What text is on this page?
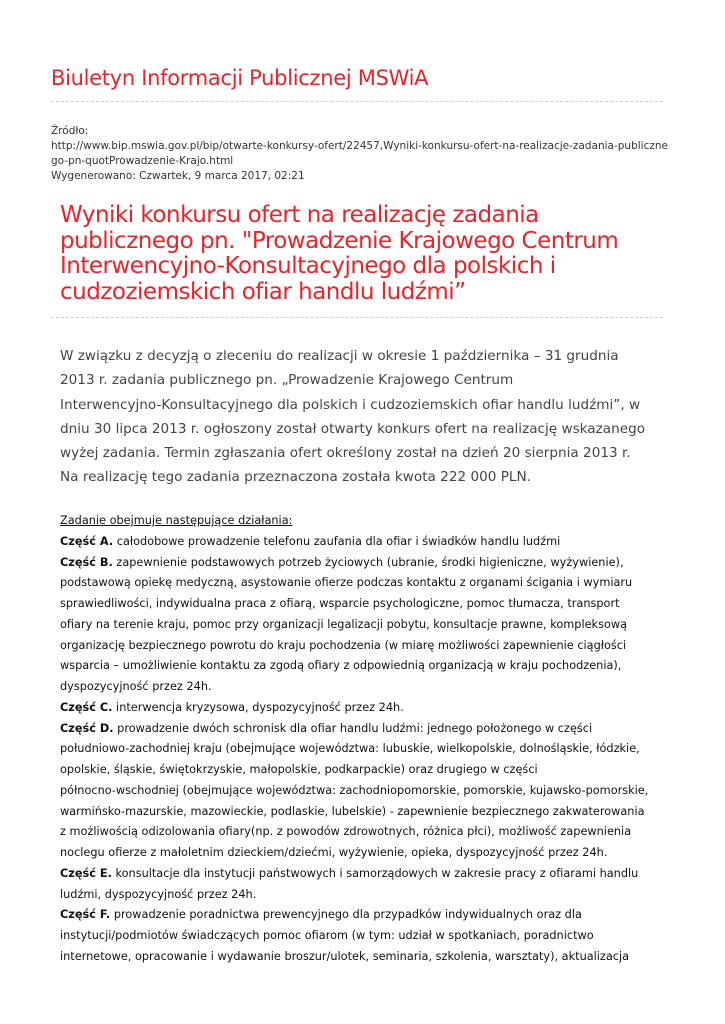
Biuletyn Informacji Publicznej MSWiA
Źródło:
http://www.bip.mswia.gov.pl/bip/otwarte-konkursy-ofert/22457,Wyniki-konkursu-ofert-na-realizacje-zadania-publiczne
go-pn-quotProwadzenie-Krajo.html
Wygenerowano: Czwartek, 9 marca 2017, 02:21
Wyniki konkursu ofert na realizację zadania
publicznego pn. "Prowadzenie Krajowego Centrum
Interwencyjno-Konsultacyjnego dla polskich i
cudzoziemskich ofiar handlu ludźmi”
W związku z decyzją o zleceniu do realizacji w okresie 1 października – 31 grudnia
2013 r. zadania publicznego pn. „Prowadzenie Krajowego Centrum
Interwencyjno-Konsultacyjnego dla polskich i cudzoziemskich ofiar handlu ludźmi”, w
dniu 30 lipca 2013 r. ogłoszony został otwarty konkurs ofert na realizację wskazanego
wyżej zadania. Termin zgłaszania ofert określony został na dzień 20 sierpnia 2013 r.
Na realizację tego zadania przeznaczona została kwota 222 000 PLN.
Zadanie obejmuje następujące działania:
Część A. całodobowe prowadzenie telefonu zaufania dla ofiar i świadków handlu ludźmi
Część B. zapewnienie podstawowych potrzeb życiowych (ubranie, środki higieniczne, wyżywienie),
podstawową opiekę medyczną, asystowanie ofierze podczas kontaktu z organami ścigania i wymiaru
sprawiedliwości, indywidualna praca z ofiarą, wsparcie psychologiczne, pomoc tłumacza, transport
ofiary na terenie kraju, pomoc przy organizacji legalizacji pobytu, konsultacje prawne, kompleksową
organizację bezpiecznego powrotu do kraju pochodzenia (w miarę możliwości zapewnienie ciągłości
wsparcia – umożliwienie kontaktu za zgodą ofiary z odpowiednią organizacją w kraju pochodzenia),
dyspozycyjność przez 24h.
Część C. interwencja kryzysowa, dyspozycyjność przez 24h.
Część D. prowadzenie dwóch schronisk dla ofiar handlu ludźmi: jednego położonego w części
południowo-zachodniej kraju (obejmujące województwa: lubuskie, wielkopolskie, dolnośląskie, łódzkie,
opolskie, śląskie, świętokrzyskie, małopolskie, podkarpackie) oraz drugiego w części
północno-wschodniej (obejmujące województwa: zachodniopomorskie, pomorskie, kujawsko-pomorskie,
warmińsko-mazurskie, mazowieckie, podlaskie, lubelskie) - zapewnienie bezpiecznego zakwaterowania
z możliwością odizolowania ofiary(np. z powodów zdrowotnych, różnica płci), możliwość zapewnienia
noclegu ofierze z małoletnim dzieckiem/dziećmi, wyżywienie, opieka, dyspozycyjność przez 24h.
Część E. konsultacje dla instytucji państwowych i samorządowych w zakresie pracy z ofiarami handlu
ludźmi, dyspozycyjność przez 24h.
Część F. prowadzenie poradnictwa prewencyjnego dla przypadków indywidualnych oraz dla
instytucji/podmiotów świadczących pomoc ofiarom (w tym: udział w spotkaniach, poradnictwo
internetowe, opracowanie i wydawanie broszur/ulotek, seminaria, szkolenia, warsztaty), aktualizacja
